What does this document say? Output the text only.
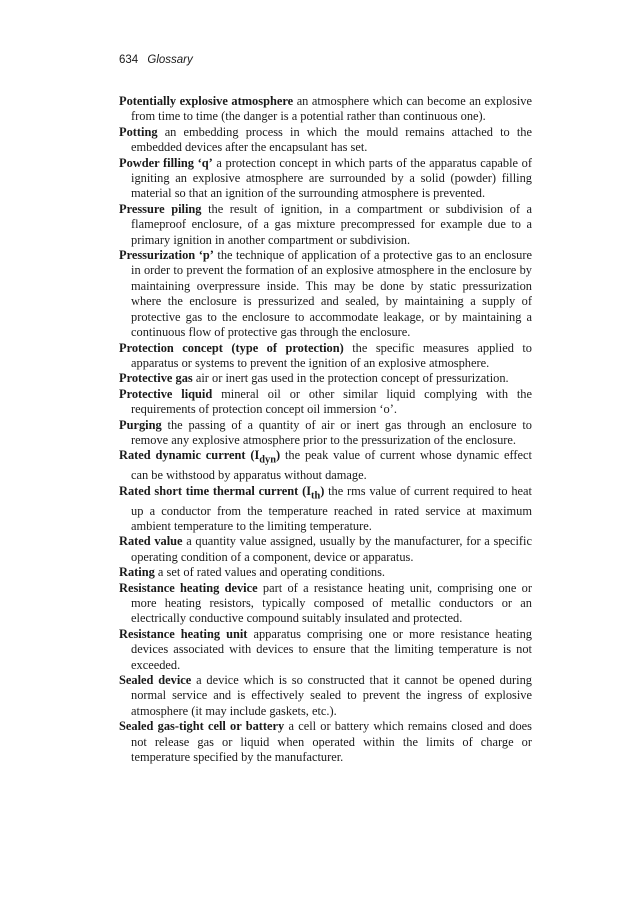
634 Glossary

Potentially explosive atmosphere an atmosphere which can become an explosive from time to time (the danger is a potential rather than continuous one).

Potting an embedding process in which the mould remains attached to the embedded devices after the encapsulant has set.

Powder filling ‘q’ a protection concept in which parts of the apparatus capable of igniting an explosive atmosphere are surrounded by a solid (powder) filling material so that an ignition of the surrounding atmosphere is prevented.

Pressure piling the result of ignition, in a compartment or subdivision of a flameproof enclosure, of a gas mixture precompressed for example due to a primary ignition in another compartment or subdivision.

Pressurization ‘p’ the technique of application of a protective gas to an enclosure in order to prevent the formation of an explosive atmosphere in the enclosure by maintaining overpressure inside. This may be done by static pressurization where the enclosure is pressurized and sealed, by maintaining a supply of protective gas to the enclosure to accommodate leakage, or by maintaining a continuous flow of protective gas through the enclosure.

Protection concept (type of protection) the specific measures applied to apparatus or systems to prevent the ignition of an explosive atmosphere.

Protective gas air or inert gas used in the protection concept of pressurization.

Protective liquid mineral oil or other similar liquid complying with the requirements of protection concept oil immersion ‘o’.

Purging the passing of a quantity of air or inert gas through an enclosure to remove any explosive atmosphere prior to the pressurization of the enclosure.

Rated dynamic current $(I_{dyn})$ the peak value of current whose dynamic effect can be withstood by apparatus without damage.

Rated short time thermal current $(I_{th})$ the rms value of current required to heat up a conductor from the temperature reached in rated service at maximum ambient temperature to the limiting temperature.

Rated value a quantity value assigned, usually by the manufacturer, for a specific operating condition of a component, device or apparatus.

Rating a set of rated values and operating conditions.

Resistance heating device part of a resistance heating unit, comprising one or more heating resistors, typically composed of metallic conductors or an electrically conductive compound suitably insulated and protected.

Resistance heating unit apparatus comprising one or more resistance heating devices associated with devices to ensure that the limiting temperature is not exceeded.

Sealed device a device which is so constructed that it cannot be opened during normal service and is effectively sealed to prevent the ingress of explosive atmosphere (it may include gaskets, etc.).

Sealed gas-tight cell or battery a cell or battery which remains closed and does not release gas or liquid when operated within the limits of charge or temperature specified by the manufacturer.
